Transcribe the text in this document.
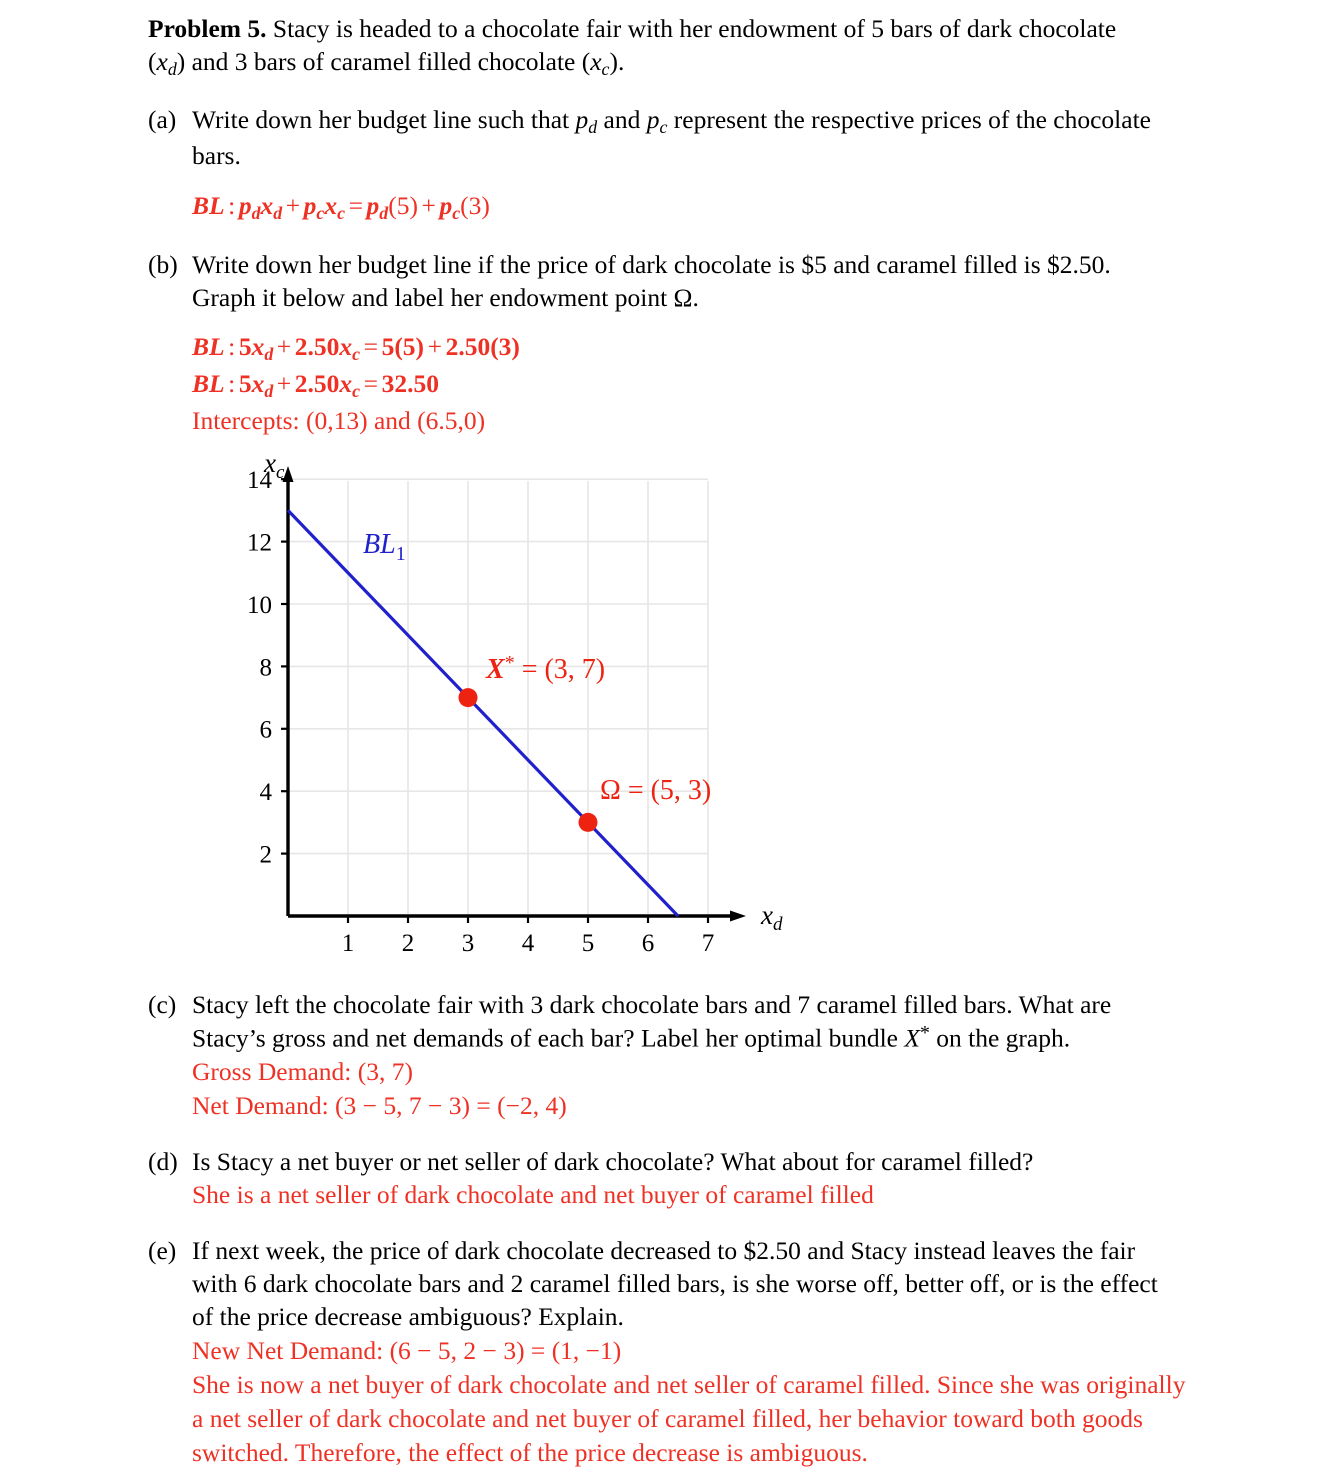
Problem 5. Stacy is headed to a chocolate fair with her endowment of 5 bars of dark chocolate
$(x_d)$ and 3 bars of caramel filled chocolate $(x_c)$.

(a) Write down her budget line such that $p_d$ and $p_c$ represent the respective prices of the chocolate
bars.

BL : $p_dx_d + p_cx_c = p_d(5) + p_c(3)$

(b) Write down her budget line if the price of dark chocolate is $5 and caramel filled is $2.50.
Graph it below and label her endowment point Ω.

BL : $5x_d + 2.50x_c = 5(5) + 2.50(3)$

BL : $5x_d + 2.50x_c = 32.50$

Intercepts: (0,13) and (6.5,0)

2
4
6
8
10
12
14
1 2 3 4 5 6 7
$x_c$
$x_d$
$BL_1$
X* = (3, 7)
Ω = (5, 3)
(c) Stacy left the chocolate fair with 3 dark chocolate bars and 7 caramel filled bars. What are
Stacy’s gross and net demands of each bar? Label her optimal bundle X* on the graph.

Gross Demand: (3, 7)

Net Demand: (3 − 5, 7 − 3) = (−2, 4)

(d) Is Stacy a net buyer or net seller of dark chocolate? What about for caramel filled?

She is a net seller of dark chocolate and net buyer of caramel filled

(e) If next week, the price of dark chocolate decreased to $2.50 and Stacy instead leaves the fair
with 6 dark chocolate bars and 2 caramel filled bars, is she worse off, better off, or is the effect
of the price decrease ambiguous? Explain.

New Net Demand: (6 − 5, 2 − 3) = (1, −1)

She is now a net buyer of dark chocolate and net seller of caramel filled. Since she was originally

a net seller of dark chocolate and net buyer of caramel filled, her behavior toward both goods

switched. Therefore, the effect of the price decrease is ambiguous.
